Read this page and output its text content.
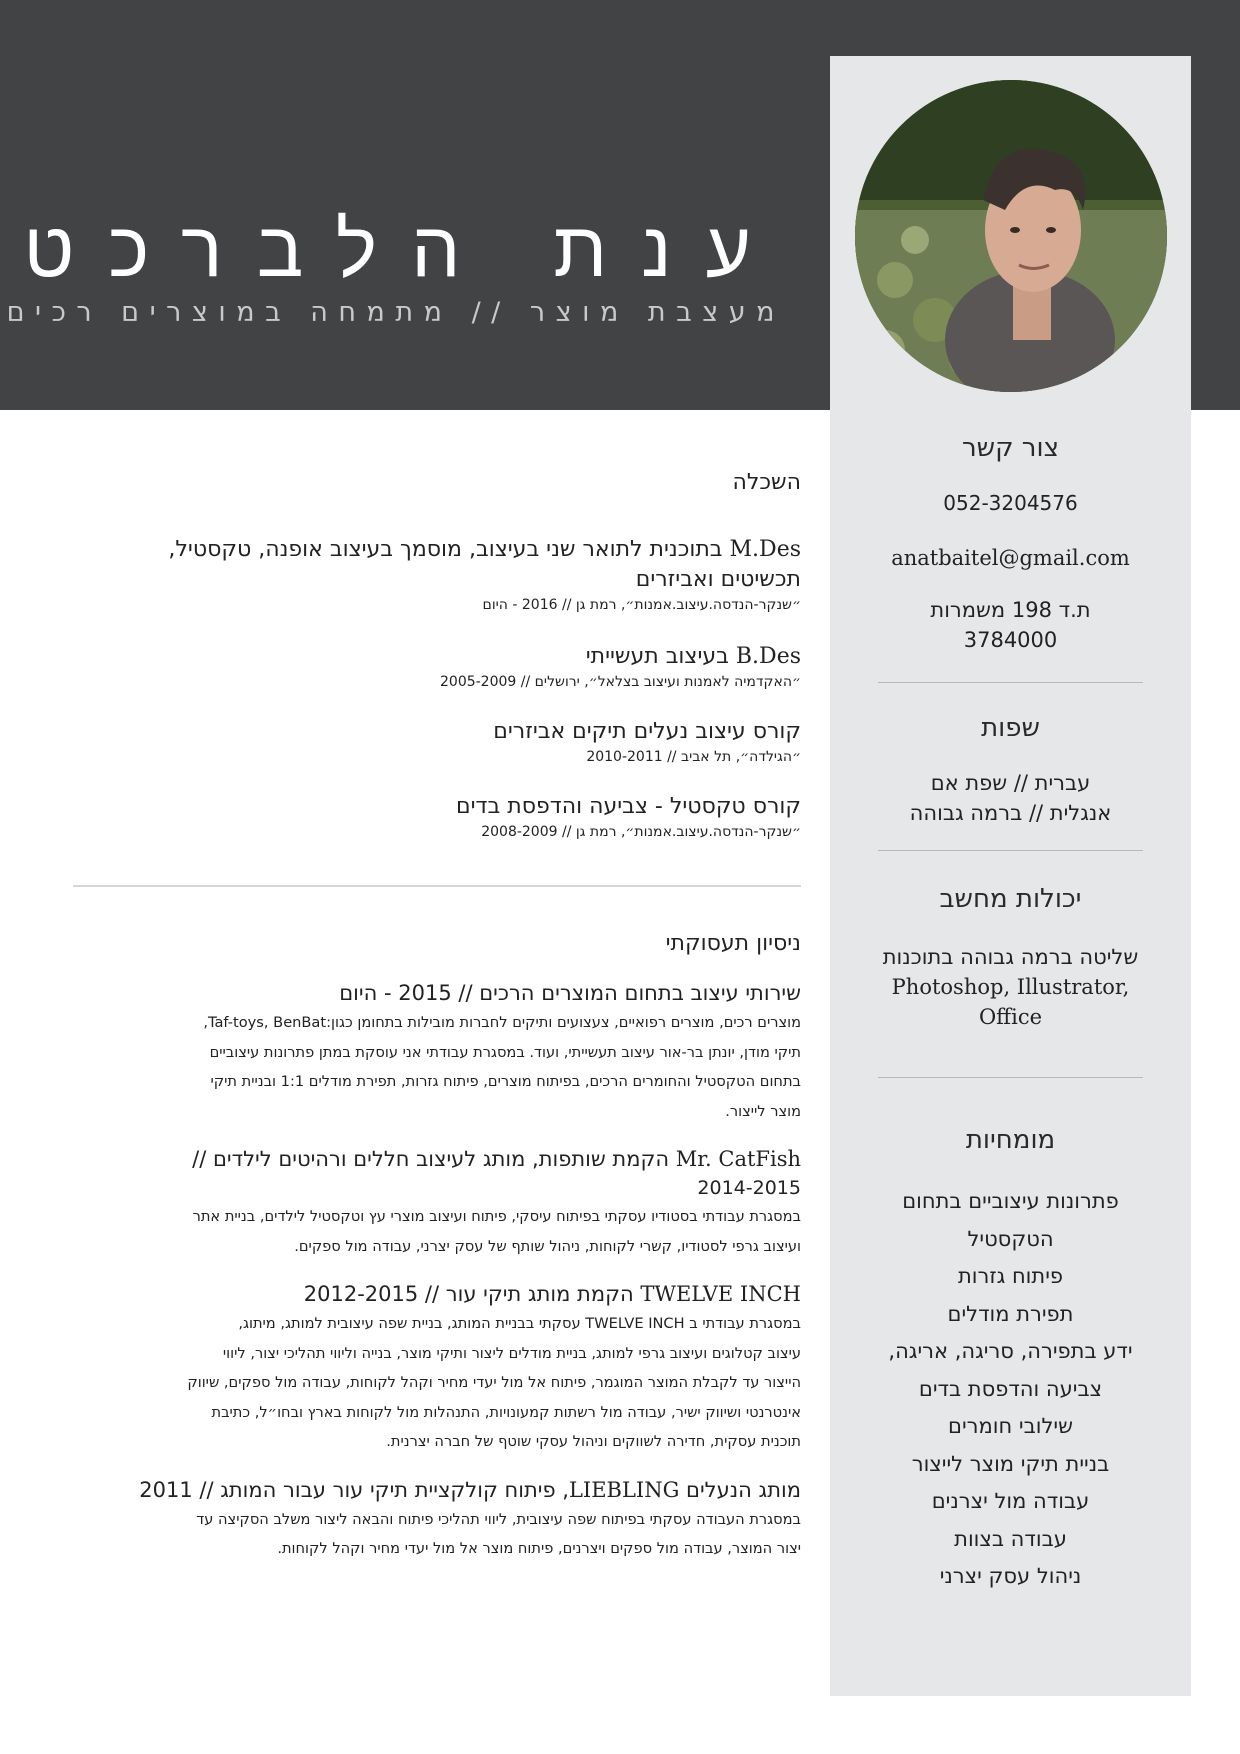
ענת הלברכט
מעצבת מוצר // מתמחה במוצרים רכים
צור קשר
052-3204576
anatbaitel@gmail.com
ת.ד 198 משמרות
3784000
שפות
עברית // שפת אם
אנגלית // ברמה גבוהה
יכולות מחשב
שליטה ברמה גבוהה בתוכנות
Photoshop, Illustrator,
Office
מומחיות
פתרונות עיצוביים בתחום
הטקסטיל
פיתוח גזרות
תפירת מודלים
ידע בתפירה, סריגה, אריגה,
צביעה והדפסת בדים
שילובי חומרים
בניית תיקי מוצר לייצור
עבודה מול יצרנים
עבודה בצוות
ניהול עסק יצרני
השכלה
M.Des בתוכנית לתואר שני בעיצוב, מוסמך בעיצוב אופנה, טקסטיל,
תכשיטים ואביזרים
״שנקר-הנדסה.עיצוב.אמנות״, רמת גן // 2016 - היום
B.Des בעיצוב תעשייתי
״האקדמיה לאמנות ועיצוב בצלאל״, ירושלים // 2005-2009
קורס עיצוב נעלים תיקים אביזרים
״הגילדה״, תל אביב // 2010-2011
קורס טקסטיל - צביעה והדפסת בדים
״שנקר-הנדסה.עיצוב.אמנות״, רמת גן // 2008-2009
ניסיון תעסוקתי
שירותי עיצוב בתחום המוצרים הרכים // 2015 - היום
מוצרים רכים, מוצרים רפואיים, צעצועים ותיקים לחברות מובילות בתחומן כגון:Taf-toys, BenBat,
תיקי מודן, יונתן בר-אור עיצוב תעשייתי, ועוד. במסגרת עבודתי אני עוסקת במתן פתרונות עיצוביים
בתחום הטקסטיל והחומרים הרכים, בפיתוח מוצרים, פיתוח גזרות, תפירת מודלים 1:1 ובניית תיקי
מוצר לייצור.
Mr. CatFish הקמת שותפות, מותג לעיצוב חללים ורהיטים לילדים //
2014-2015
במסגרת עבודתי בסטודיו עסקתי בפיתוח עיסקי, פיתוח ועיצוב מוצרי עץ וטקסטיל לילדים, בניית אתר
ועיצוב גרפי לסטודיו, קשרי לקוחות, ניהול שותף של עסק יצרני, עבודה מול ספקים.
TWELVE INCH הקמת מותג תיקי עור // 2012-2015
במסגרת עבודתי ב TWELVE INCH עסקתי בבניית המותג, בניית שפה עיצובית למותג, מיתוג,
עיצוב קטלוגים ועיצוב גרפי למותג, בניית מודלים ליצור ותיקי מוצר, בנייה וליווי תהליכי יצור, ליווי
הייצור עד לקבלת המוצר המוגמר, פיתוח אל מול יעדי מחיר וקהל לקוחות, עבודה מול ספקים, שיווק
אינטרנטי ושיווק ישיר, עבודה מול רשתות קמעונויות, התנהלות מול לקוחות בארץ ובחו״ל, כתיבת
תוכנית עסקית, חדירה לשווקים וניהול עסקי שוטף של חברה יצרנית.
מותג הנעלים LIEBLING, פיתוח קולקציית תיקי עור עבור המותג // 2011
במסגרת העבודה עסקתי בפיתוח שפה עיצובית, ליווי תהליכי פיתוח והבאה ליצור משלב הסקיצה עד
יצור המוצר, עבודה מול ספקים ויצרנים, פיתוח מוצר אל מול יעדי מחיר וקהל לקוחות.
